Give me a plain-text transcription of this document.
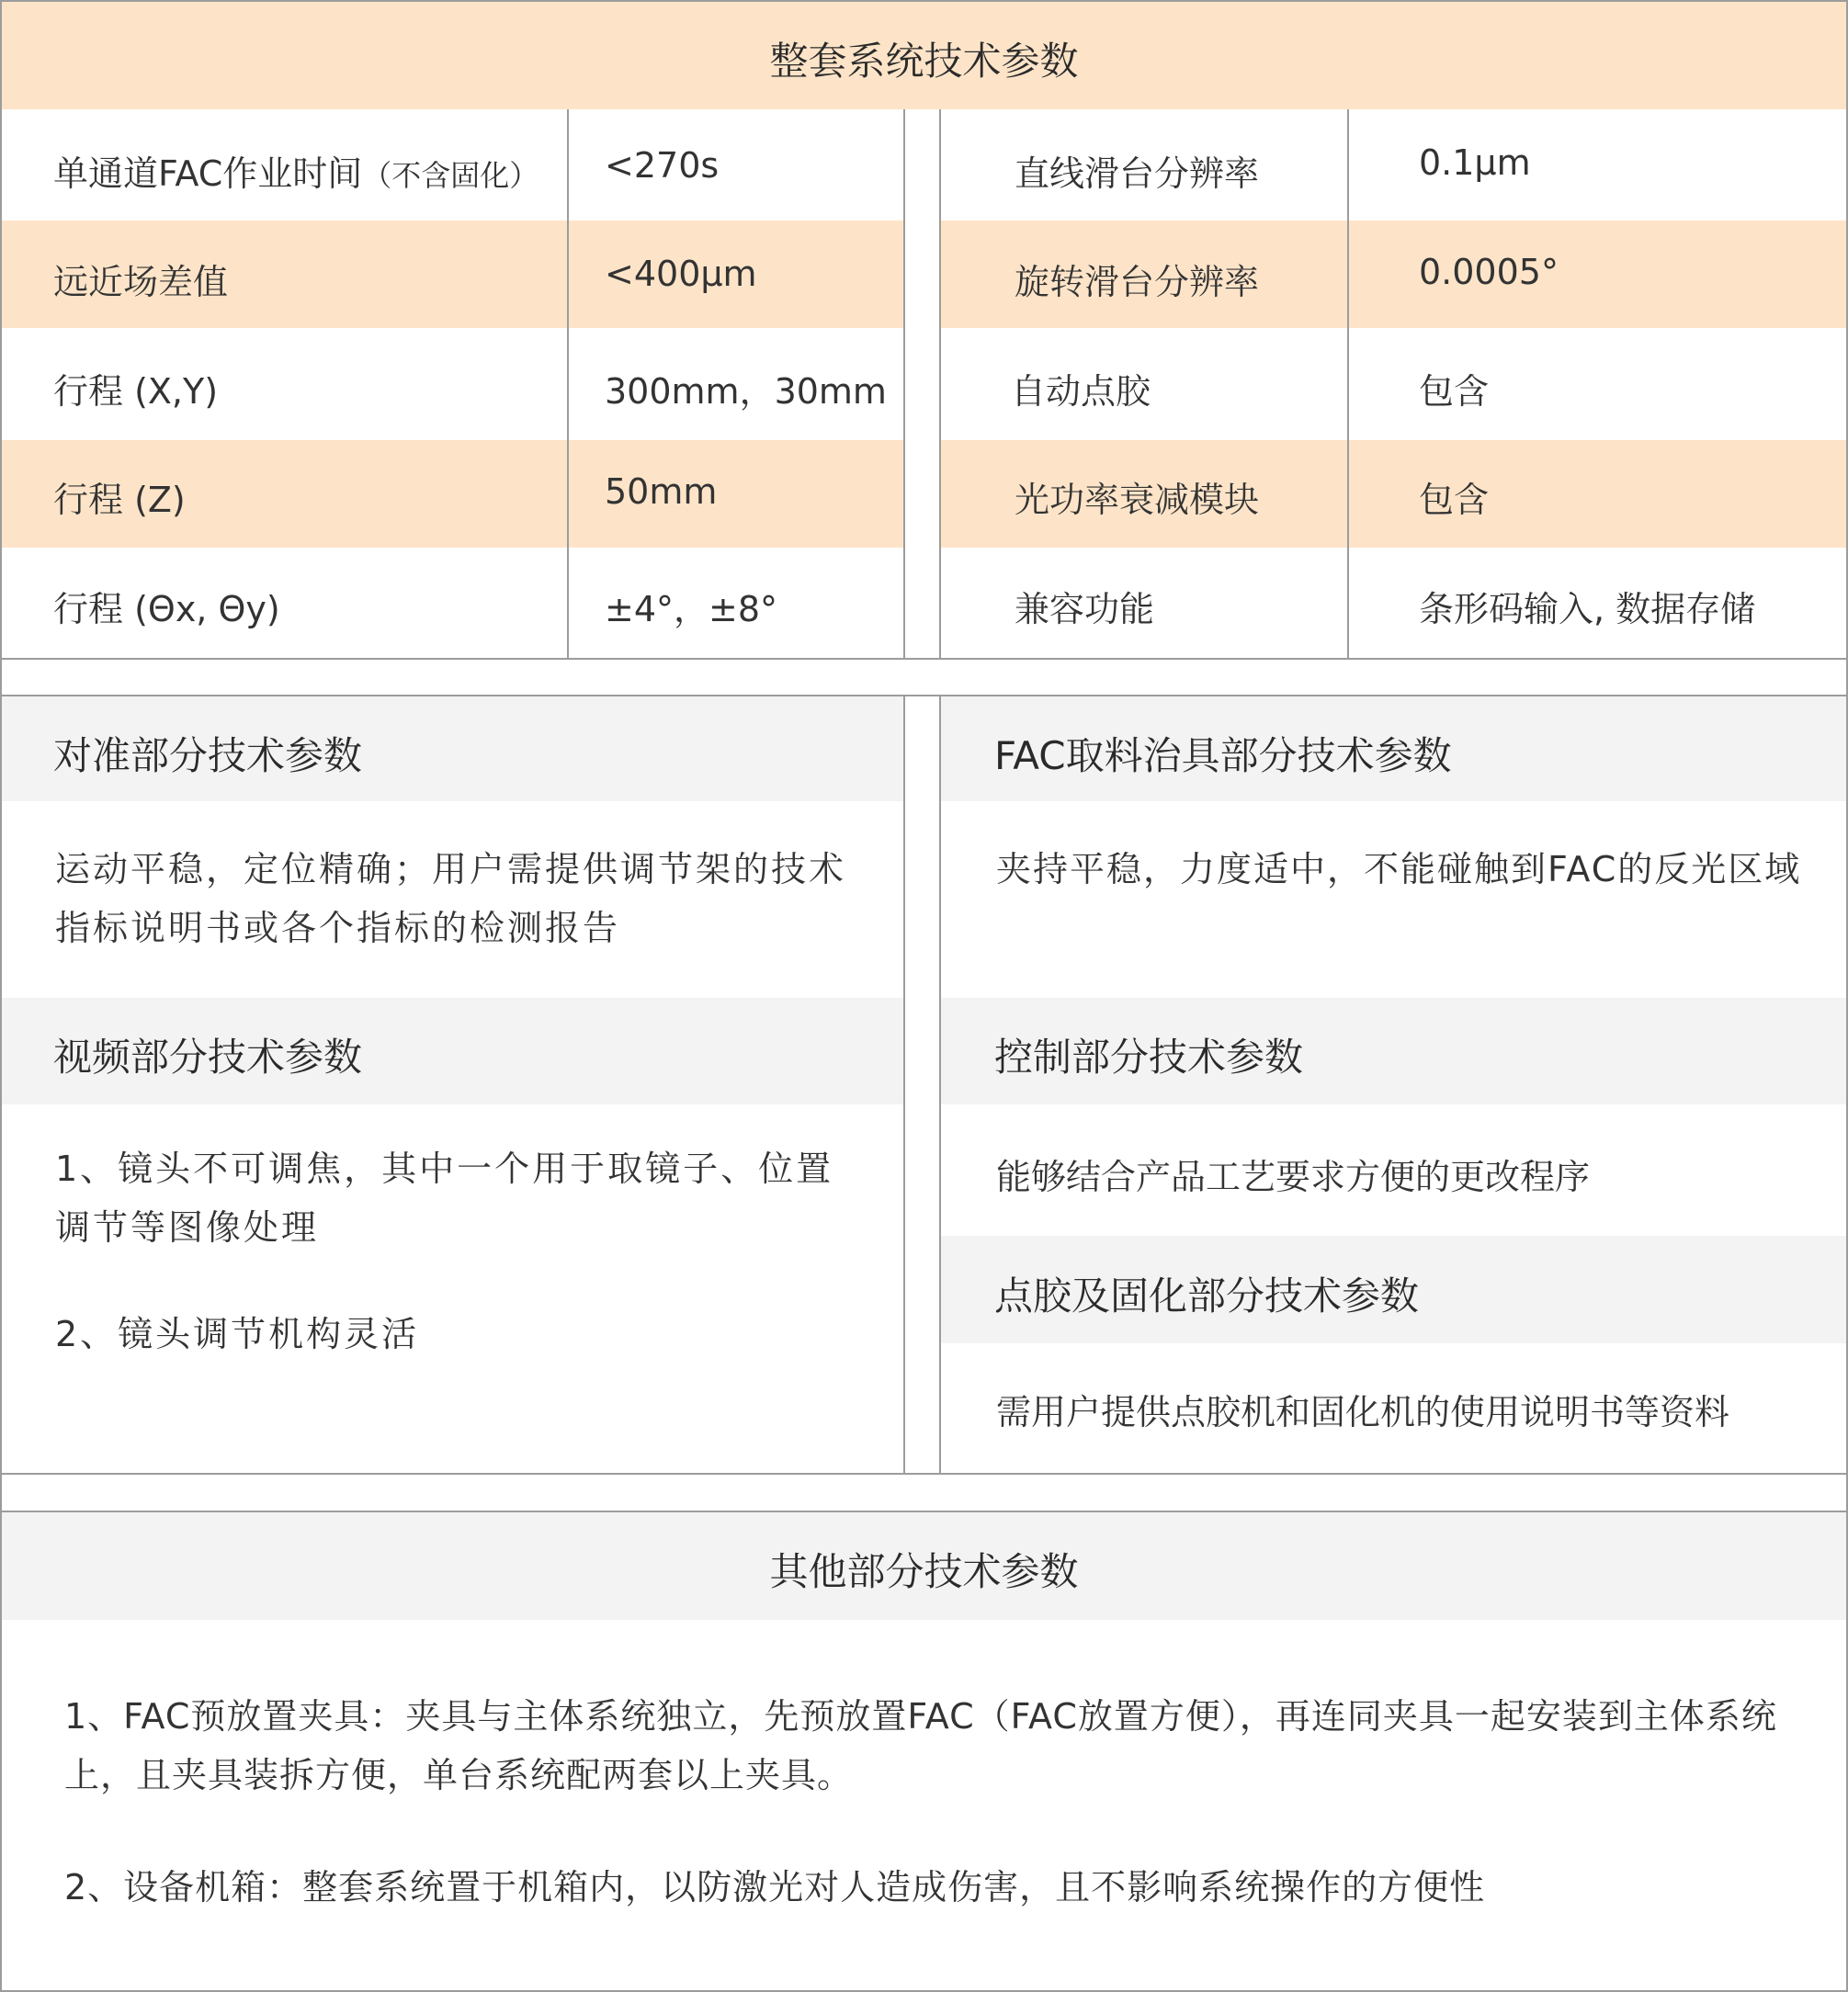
整套系统技术参数
单通道FAC作业时间（不含固化） <270s	直线滑台分辨率	0.1µm
远近场差值	<400µm	旋转滑台分辨率	0.0005°
行程 (X,Y)	300mm，30mm	自动点胶	包含
行程 (Z)	50mm	光功率衰减模块	包含
行程 (Θx, Θy)	±4°，±8°	兼容功能	条形码输入, 数据存储
对准部分技术参数
运动平稳，定位精确；用户需提供调节架的技术指标说明书或各个指标的检测报告
视频部分技术参数
1、镜头不可调焦，其中一个用于取镜子、位置调节等图像处理
2、镜头调节机构灵活
FAC取料治具部分技术参数
夹持平稳，力度适中，不能碰触到FAC的反光区域
控制部分技术参数
能够结合产品工艺要求方便的更改程序
点胶及固化部分技术参数
需用户提供点胶机和固化机的使用说明书等资料
其他部分技术参数
1、FAC预放置夹具：夹具与主体系统独立，先预放置FAC（FAC放置方便），再连同夹具一起安装到主体系统上，且夹具装拆方便，单台系统配两套以上夹具。
2、设备机箱：整套系统置于机箱内，以防激光对人造成伤害，且不影响系统操作的方便性
